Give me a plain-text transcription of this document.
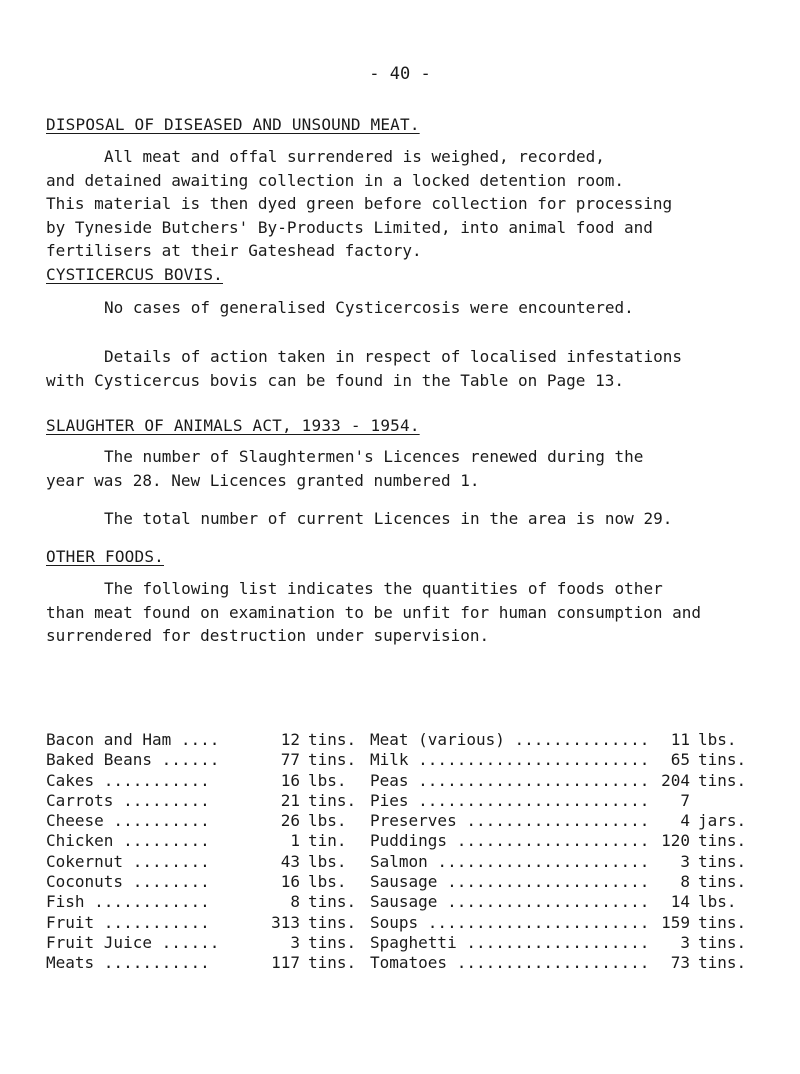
- 40 -
DISPOSAL OF DISEASED AND UNSOUND MEAT.

All meat and offal surrendered is weighed, recorded,

and detained awaiting collection in a locked detention room.

This material is then dyed green before collection for processing

by Tyneside Butchers' By-Products Limited, into animal food and

fertilisers at their Gateshead factory.

CYSTICERCUS BOVIS.

No cases of generalised Cysticercosis were encountered.

Details of action taken in respect of localised infestations

with Cysticercus bovis can be found in the Table on Page 13.

SLAUGHTER OF ANIMALS ACT, 1933 - 1954.

The number of Slaughtermen's Licences renewed during the

year was 28. New Licences granted numbered 1.

The total number of current Licences in the area is now 29.

OTHER FOODS.

The following list indicates the quantities of foods other

than meat found on examination to be unfit for human consumption and

surrendered for destruction under supervision.

Bacon and Ham ....	12 tins. Meat (various) ..............	11 lbs.
Baked Beans ......	77 tins. Milk ........................	65 tins.
Cakes ...........	16 lbs.	Peas ........................ 204 tins.
Carrots .........	21 tins. Pies ........................	7
Cheese ..........	26 lbs.	Preserves ...................	4 jars.
Chicken .........	1 tin.	Puddings .................... 120 tins.
Cokernut ........	43 lbs.	Salmon ......................	3 tins.
Coconuts ........	16 lbs.	Sausage .....................	8 tins.
Fish ............	8 tins. Sausage .....................	14 lbs.
Fruit ...........	313 tins. Soups ....................... 159 tins.
Fruit Juice ......	3 tins. Spaghetti ...................	3 tins.
Meats ...........	117 tins. Tomatoes ....................	73 tins.
